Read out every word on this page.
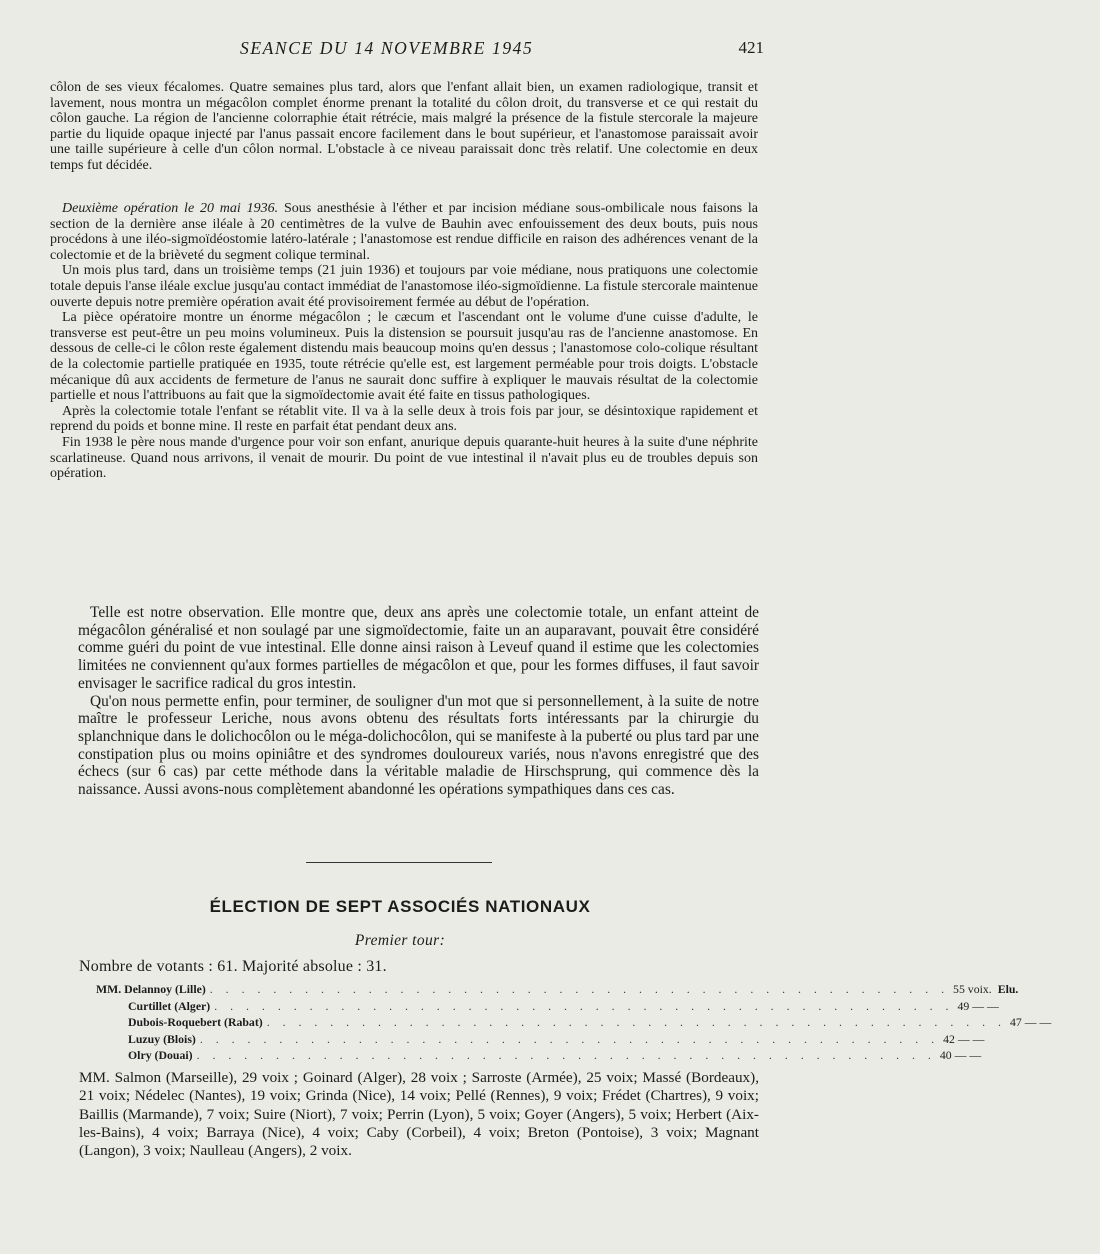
SEANCE DU 14 NOVEMBRE 1945	421

côlon de ses vieux fécalomes. Quatre semaines plus tard, alors que l'enfant allait bien, un examen radiologique, transit et lavement, nous montra un mégacôlon complet énorme prenant la totalité du côlon droit, du transverse et ce qui restait du côlon gauche. La région de l'ancienne colorraphie était rétrécie, mais malgré la présence de la fistule stercorale la majeure partie du liquide opaque injecté par l'anus passait encore facilement dans le bout supérieur, et l'anastomose paraissait avoir une taille supérieure à celle d'un côlon normal. L'obstacle à ce niveau paraissait donc très relatif. Une colectomie en deux temps fut décidée.

Deuxième opération le 20 mai 1936. Sous anesthésie à l'éther et par incision médiane sous-ombilicale nous faisons la section de la dernière anse iléale à 20 centimètres de la vulve de Bauhin avec enfouissement des deux bouts, puis nous procédons à une iléo-sigmoïdéostomie latéro-latérale ; l'anastomose est rendue difficile en raison des adhérences venant de la colectomie et de la brièveté du segment colique terminal.

Un mois plus tard, dans un troisième temps (21 juin 1936) et toujours par voie médiane, nous pratiquons une colectomie totale depuis l'anse iléale exclue jusqu'au contact immédiat de l'anastomose iléo-sigmoïdienne. La fistule stercorale maintenue ouverte depuis notre première opération avait été provisoirement fermée au début de l'opération.

La pièce opératoire montre un énorme mégacôlon ; le cæcum et l'ascendant ont le volume d'une cuisse d'adulte, le transverse est peut-être un peu moins volumineux. Puis la distension se poursuit jusqu'au ras de l'ancienne anastomose. En dessous de celle-ci le côlon reste également distendu mais beaucoup moins qu'en dessus ; l'anastomose colo-colique résultant de la colectomie partielle pratiquée en 1935, toute rétrécie qu'elle est, est largement perméable pour trois doigts. L'obstacle mécanique dû aux accidents de fermeture de l'anus ne saurait donc suffire à expliquer le mauvais résultat de la colectomie partielle et nous l'attribuons au fait que la sigmoïdectomie avait été faite en tissus pathologiques.

Après la colectomie totale l'enfant se rétablit vite. Il va à la selle deux à trois fois par jour, se désintoxique rapidement et reprend du poids et bonne mine. Il reste en parfait état pendant deux ans.

Fin 1938 le père nous mande d'urgence pour voir son enfant, anurique depuis quarante-huit heures à la suite d'une néphrite scarlatineuse. Quand nous arrivons, il venait de mourir. Du point de vue intestinal il n'avait plus eu de troubles depuis son opération.

Telle est notre observation. Elle montre que, deux ans après une colectomie totale, un enfant atteint de mégacôlon généralisé et non soulagé par une sigmoïdectomie, faite un an auparavant, pouvait être considéré comme guéri du point de vue intestinal. Elle donne ainsi raison à Leveuf quand il estime que les colectomies limitées ne conviennent qu'aux formes partielles de mégacôlon et que, pour les formes diffuses, il faut savoir envisager le sacrifice radical du gros intestin.

Qu'on nous permette enfin, pour terminer, de souligner d'un mot que si personnellement, à la suite de notre maître le professeur Leriche, nous avons obtenu des résultats forts intéressants par la chirurgie du splanchnique dans le dolichocôlon ou le méga-dolichocôlon, qui se manifeste à la puberté ou plus tard par une constipation plus ou moins opiniâtre et des syndromes douloureux variés, nous n'avons enregistré que des échecs (sur 6 cas) par cette méthode dans la véritable maladie de Hirschsprung, qui commence dès la naissance. Aussi avons-nous complètement abandonné les opérations sympathiques dans ces cas.

ÉLECTION DE SEPT ASSOCIÉS NATIONAUX
Premier tour:
Nombre de votants : 61. Majorité absolue : 31.
MM. Delannoy (Lille) . . . . . . . . . . . . . . . . . . . . . . . . . . . . . . . . . . . . . . . . . . . . . . . 55 voix. Elu.
Curtillet (Alger) . . . . . . . . . . . . . . . . . . . . . . . . . . . . . . . . . . . . . . . . . . . . . . . 49 — —
Dubois-Roquebert (Rabat) . . . . . . . . . . . . . . . . . . . . . . . . . . . . . . . . . . . . . . . . . . . . . . . 47 — —
Luzuy (Blois) . . . . . . . . . . . . . . . . . . . . . . . . . . . . . . . . . . . . . . . . . . . . . . . 42 — —
Olry (Douai) . . . . . . . . . . . . . . . . . . . . . . . . . . . . . . . . . . . . . . . . . . . . . . . 40 — —

MM. Salmon (Marseille), 29 voix ; Goinard (Alger), 28 voix ; Sarroste (Armée), 25 voix; Massé (Bordeaux), 21 voix; Nédelec (Nantes), 19 voix; Grinda (Nice), 14 voix; Pellé (Rennes), 9 voix; Frédet (Chartres), 9 voix; Baillis (Marmande), 7 voix; Suire (Niort), 7 voix; Perrin (Lyon), 5 voix; Goyer (Angers), 5 voix; Herbert (Aix-les-Bains), 4 voix; Barraya (Nice), 4 voix; Caby (Corbeil), 4 voix; Breton (Pontoise), 3 voix; Magnant (Langon), 3 voix; Naulleau (Angers), 2 voix.
